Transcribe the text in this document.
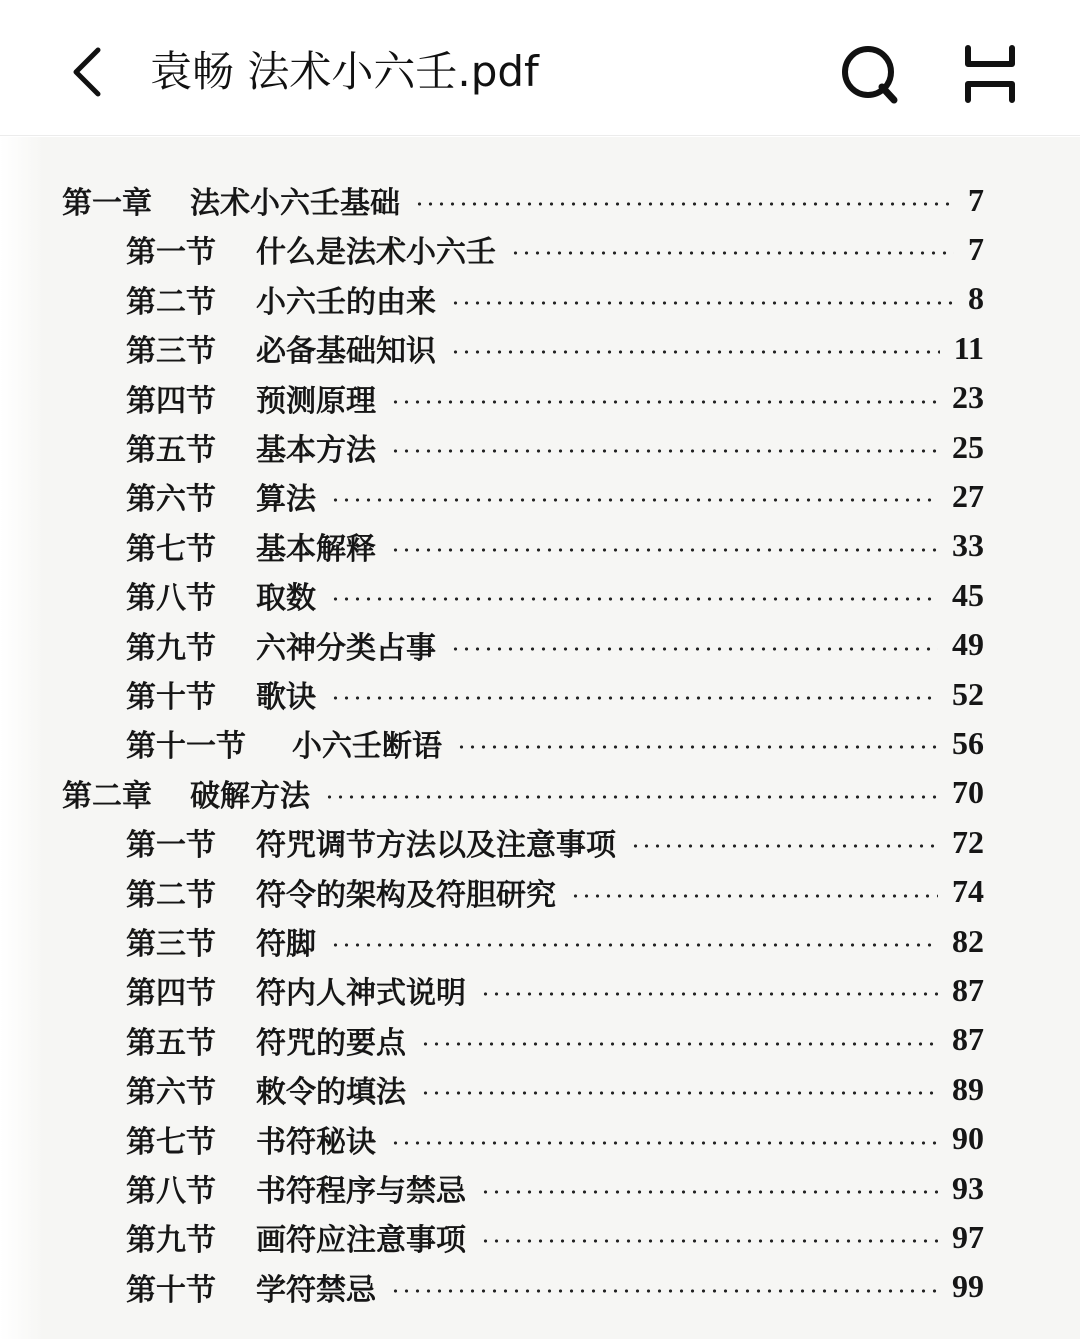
袁畅 法术小六壬.pdf
第一章	法术小六壬基础	7
第一节	什么是法术小六壬	7
第二节	小六壬的由来	8
第三节	必备基础知识	11
第四节	预测原理	23
第五节	基本方法	25
第六节	算法	27
第七节	基本解释	33
第八节	取数	45
第九节	六神分类占事	49
第十节	歌诀	52
第十一节	小六壬断语	56
第二章	破解方法	70
第一节	符咒调节方法以及注意事项	72
第二节	符令的架构及符胆研究	74
第三节	符脚	82
第四节	符内人神式说明	87
第五节	符咒的要点	87
第六节	敕令的填法	89
第七节	书符秘诀	90
第八节	书符程序与禁忌	93
第九节	画符应注意事项	97
第十节	学符禁忌	99
